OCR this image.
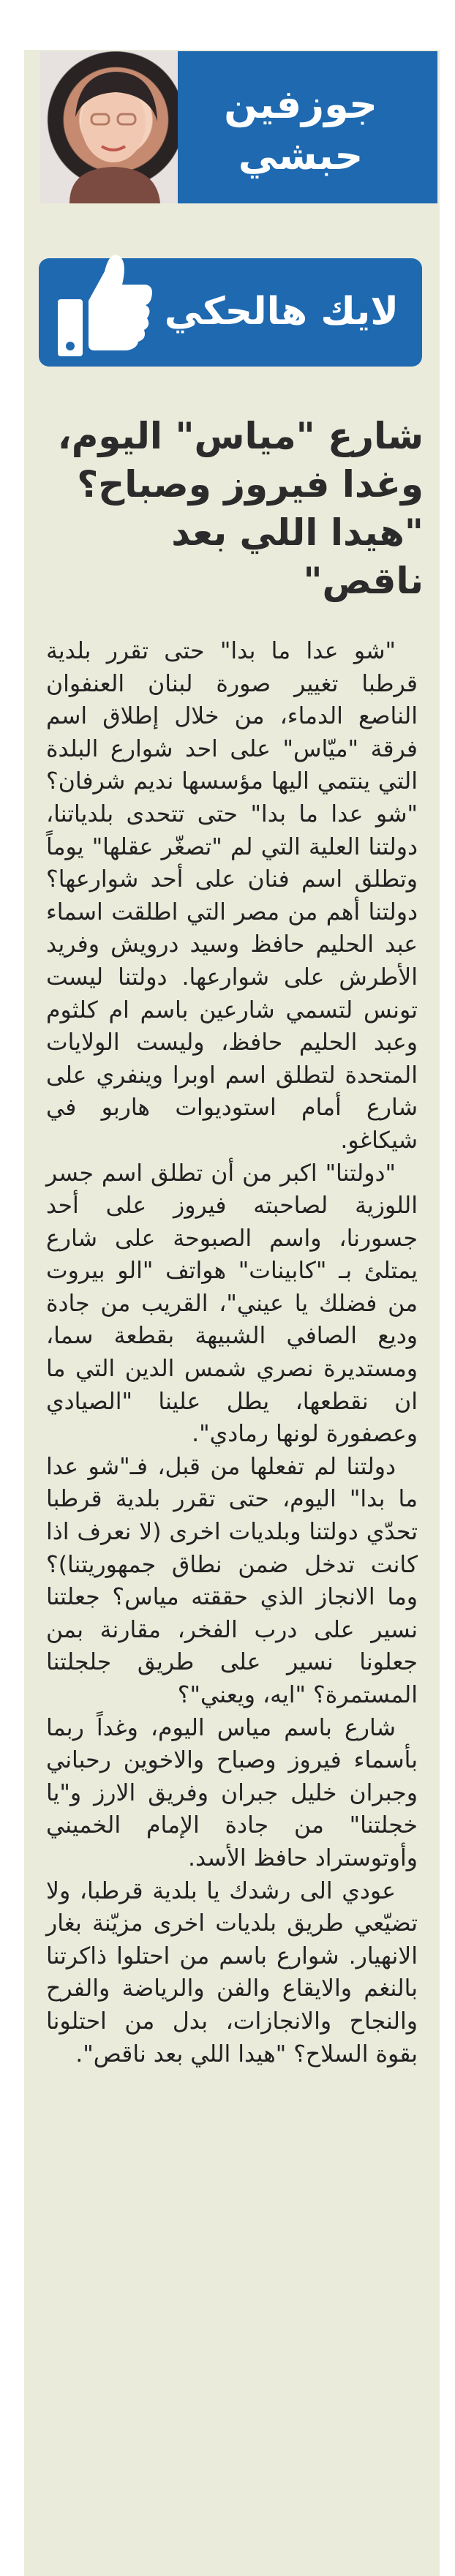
جوزفين
حبشي
لايك هالحكي
شارع "مياس" اليوم، وغدا فيروز وصباح؟ "هيدا اللي بعد ناقص"

"شو عدا ما بدا" حتى تقرر بلدية قرطبا تغيير صورة لبنان العنفوان الناصع الدماء، من خلال إطلاق اسم فرقة "ميّاس" على احد شوارع البلدة التي ينتمي اليها مؤسسها نديم شرفان؟ "شو عدا ما بدا" حتى تتحدى بلدياتنا، دولتنا العلية التي لم "تصغّر عقلها" يوماً وتطلق اسم فنان على أحد شوارعها؟ دولتنا أهم من مصر التي اطلقت اسماء عبد الحليم حافظ وسيد درويش وفريد الأطرش على شوارعها. دولتنا ليست تونس لتسمي شارعين باسم ام كلثوم وعبد الحليم حافظ، وليست الولايات المتحدة لتطلق اسم اوبرا وينفري على شارع أمام استوديوات هاربو في شيكاغو.

"دولتنا" اكبر من أن تطلق اسم جسر اللوزية لصاحبته فيروز على أحد جسورنا، واسم الصبوحة على شارع يمتلئ بـ "كابينات" هواتف "الو بيروت من فضلك يا عيني"، القريب من جادة وديع الصافي الشبيهة بقطعة سما، ومستديرة نصري شمس الدين التي ما ان نقطعها، يطل علينا "الصيادي وعصفورة لونها رمادي".

دولتنا لم تفعلها من قبل، فـ"شو عدا ما بدا" اليوم، حتى تقرر بلدية قرطبا تحدّي دولتنا وبلديات اخرى (لا نعرف اذا كانت تدخل ضمن نطاق جمهوريتنا)؟ وما الانجاز الذي حققته مياس؟ جعلتنا نسير على درب الفخر، مقارنة بمن جعلونا نسير على طريق جلجلتنا المستمرة؟ "ايه، ويعني"؟

شارع باسم مياس اليوم، وغداً ربما بأسماء فيروز وصباح والاخوين رحباني وجبران خليل جبران وفريق الارز و"يا خجلتنا" من جادة الإمام الخميني وأوتوستراد حافظ الأسد.

عودي الى رشدك يا بلدية قرطبا، ولا تضيّعي طريق بلديات اخرى مزيّنة بغار الانهيار. شوارع باسم من احتلوا ذاكرتنا بالنغم والايقاع والفن والرياضة والفرح والنجاح والانجازات، بدل من احتلونا بقوة السلاح؟ "هيدا اللي بعد ناقص".
